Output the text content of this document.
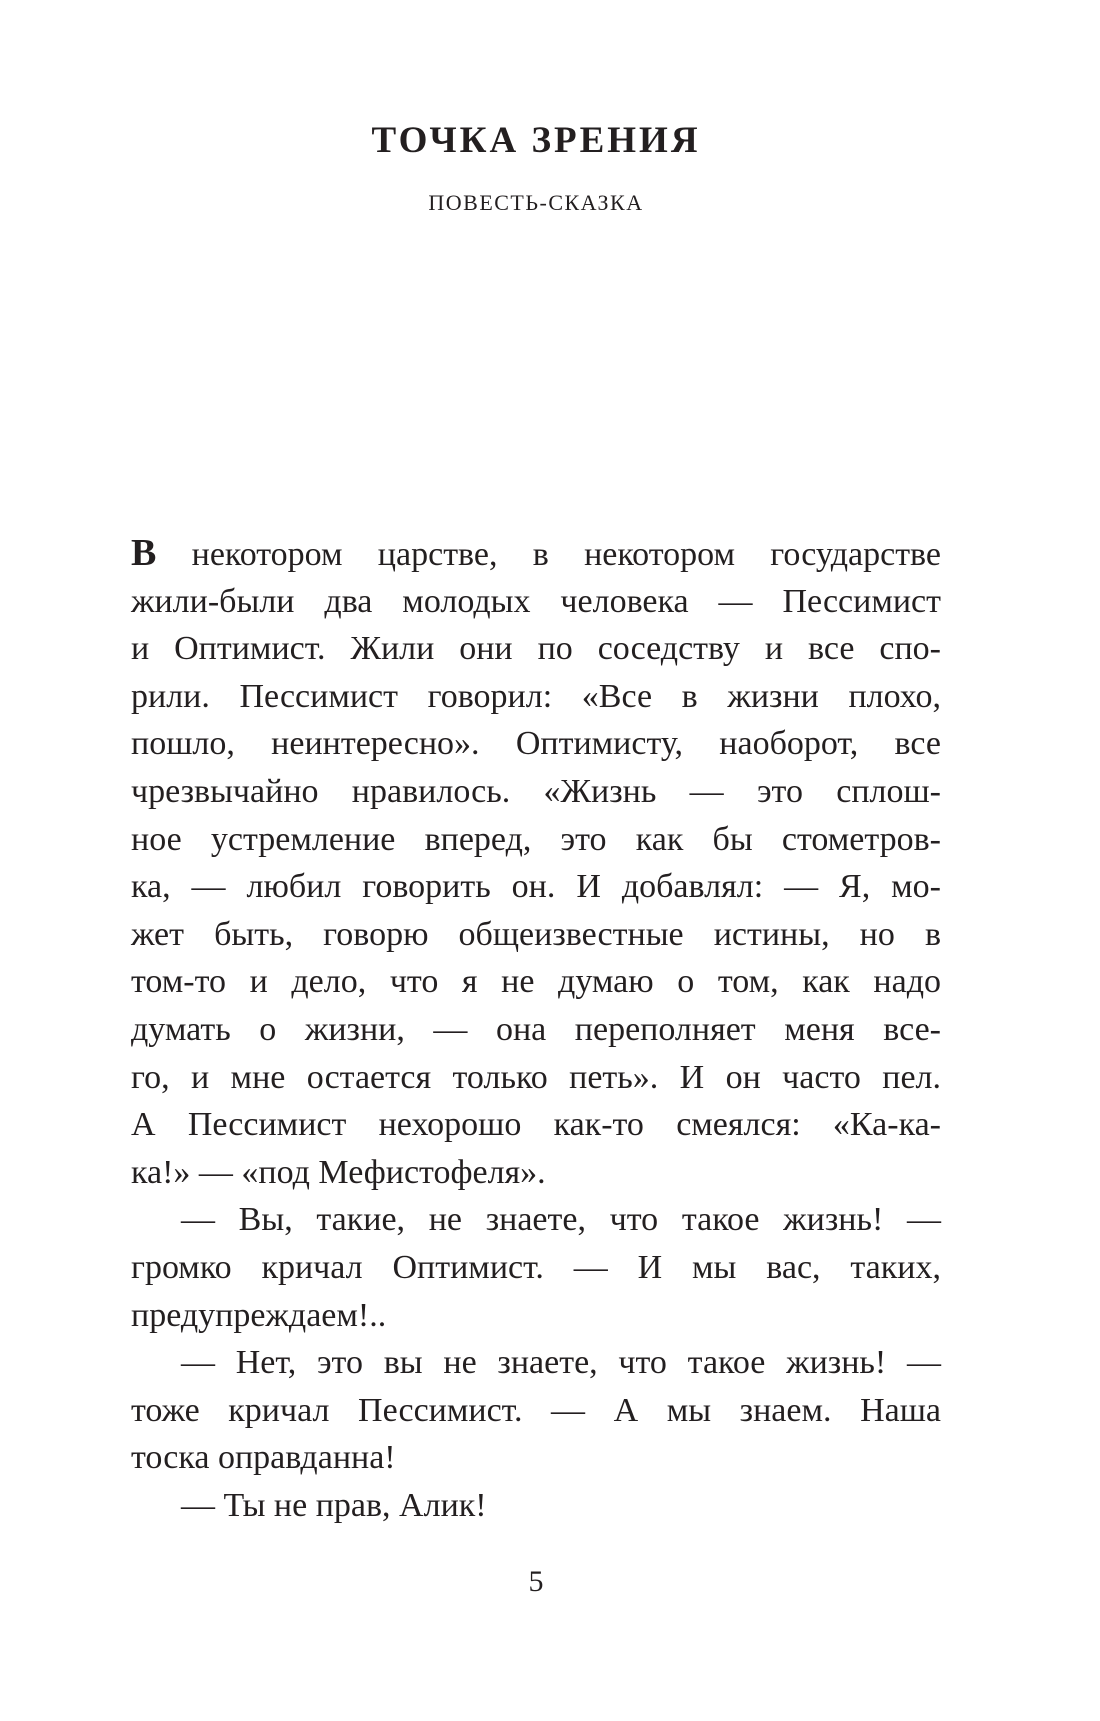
ТОЧКА ЗРЕНИЯ
ПОВЕСТЬ-СКАЗКА
В некотором царстве, в некотором государстве
жили-были два молодых человека — Пессимист
и Оптимист. Жили они по соседству и все спо-
рили. Пессимист говорил: «Все в жизни плохо,
пошло, неинтересно». Оптимисту, наоборот, все
чрезвычайно нравилось. «Жизнь — это сплош-
ное устремление вперед, это как бы стометров-
ка, — любил говорить он. И добавлял: — Я, мо-
жет быть, говорю общеизвестные истины, но в
том-то и дело, что я не думаю о том, как надо
думать о жизни, — она переполняет меня все-
го, и мне остается только петь». И он часто пел.
А Пессимист нехорошо как-то смеялся: «Ка-ка-
ка!» — «под Мефистофеля».
— Вы, такие, не знаете, что такое жизнь! —
громко кричал Оптимист. — И мы вас, таких,
предупреждаем!..
— Нет, это вы не знаете, что такое жизнь! —
тоже кричал Пессимист. — А мы знаем. Наша
тоска оправданна!
— Ты не прав, Алик!
5
